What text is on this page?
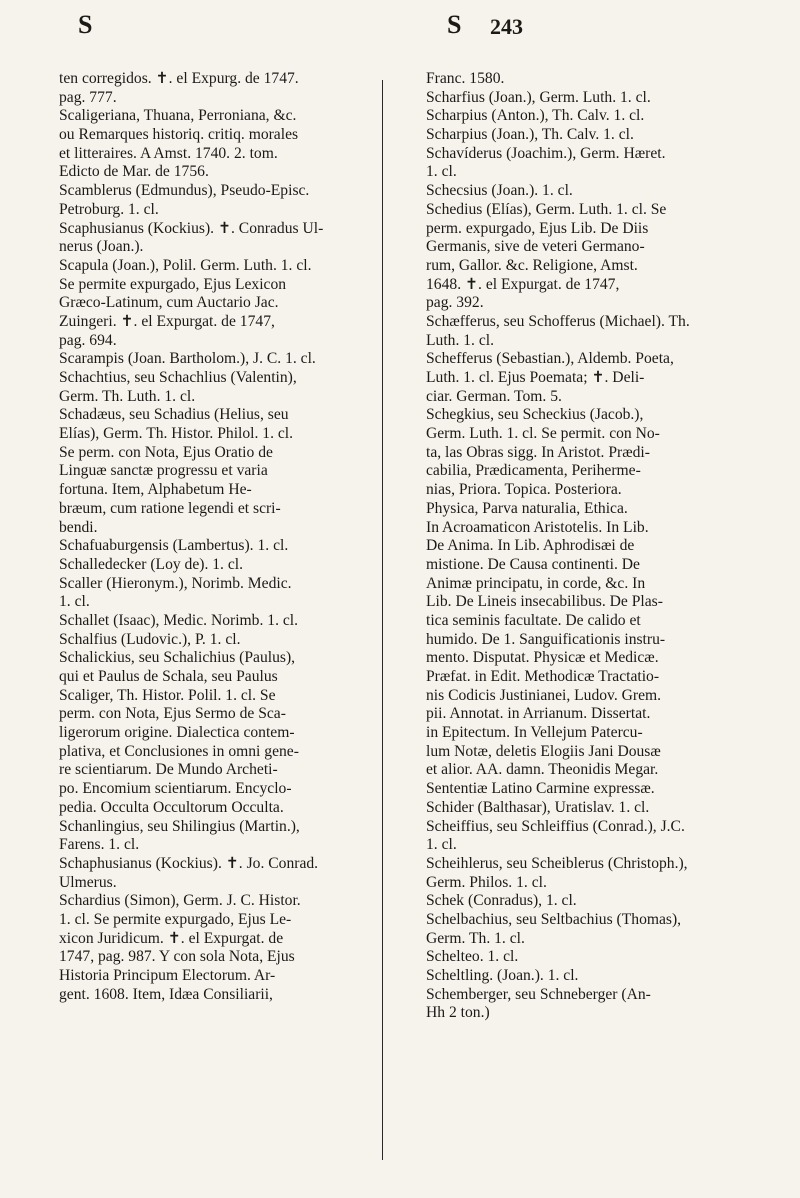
S	S 243
ten corregidos. ✝. el Expurg. de 1747.
pag. 777.
Scaligeriana, Thuana, Perroniana, &c.
ou Remarques historiq. critiq. morales
et litteraires. A Amst. 1740. 2. tom.
Edicto de Mar. de 1756.
Scamblerus (Edmundus), Pseudo-Episc.
Petroburg. 1. cl.
Scaphusianus (Kockius). ✝. Conradus Ul-
nerus (Joan.).
Scapula (Joan.), Polil. Germ. Luth. 1. cl.
Se permite expurgado, Ejus Lexicon
Græco-Latinum, cum Auctario Jac.
Zuingeri. ✝. el Expurgat. de 1747,
pag. 694.
Scarampis (Joan. Bartholom.), J. C. 1. cl.
Schachtius, seu Schachlius (Valentin),
Germ. Th. Luth. 1. cl.
Schadæus, seu Schadius (Helius, seu
Elías), Germ. Th. Histor. Philol. 1. cl.
Se perm. con Nota, Ejus Oratio de
Linguæ sanctæ progressu et varia
fortuna. Item, Alphabetum He-
bræum, cum ratione legendi et scri-
bendi.
Schafuaburgensis (Lambertus). 1. cl.
Schalledecker (Loy de). 1. cl.
Scaller (Hieronym.), Norimb. Medic.
1. cl.
Schallet (Isaac), Medic. Norimb. 1. cl.
Schalfius (Ludovic.), P. 1. cl.
Schalickius, seu Schalichius (Paulus),
qui et Paulus de Schala, seu Paulus
Scaliger, Th. Histor. Polil. 1. cl. Se
perm. con Nota, Ejus Sermo de Sca-
ligerorum origine. Dialectica contem-
plativa, et Conclusiones in omni gene-
re scientiarum. De Mundo Archeti-
po. Encomium scientiarum. Encyclo-
pedia. Occulta Occultorum Occulta.
Schanlingius, seu Shilingius (Martin.),
Farens. 1. cl.
Schaphusianus (Kockius). ✝. Jo. Conrad.
Ulmerus.
Schardius (Simon), Germ. J. C. Histor.
1. cl. Se permite expurgado, Ejus Le-
xicon Juridicum. ✝. el Expurgat. de
1747, pag. 987. Y con sola Nota, Ejus
Historia Principum Electorum. Ar-
gent. 1608. Item, Idæa Consiliarii,
Franc. 1580.
Scharfius (Joan.), Germ. Luth. 1. cl.
Scharpius (Anton.), Th. Calv. 1. cl.
Scharpius (Joan.), Th. Calv. 1. cl.
Schavíderus (Joachim.), Germ. Hæret.
1. cl.
Schecsius (Joan.). 1. cl.
Schedius (Elías), Germ. Luth. 1. cl. Se
perm. expurgado, Ejus Lib. De Diis
Germanis, sive de veteri Germano-
rum, Gallor. &c. Religione, Amst.
1648. ✝. el Expurgat. de 1747,
pag. 392.
Schæfferus, seu Schofferus (Michael). Th.
Luth. 1. cl.
Schefferus (Sebastian.), Aldemb. Poeta,
Luth. 1. cl. Ejus Poemata; ✝. Deli-
ciar. German. Tom. 5.
Schegkius, seu Scheckius (Jacob.),
Germ. Luth. 1. cl. Se permit. con No-
ta, las Obras sigg. In Aristot. Prædi-
cabilia, Prædicamenta, Periherme-
nias, Priora. Topica. Posteriora.
Physica, Parva naturalia, Ethica.
In Acroamaticon Aristotelis. In Lib.
De Anima. In Lib. Aphrodisæi de
mistione. De Causa continenti. De
Animæ principatu, in corde, &c. In
Lib. De Lineis insecabilibus. De Plas-
tica seminis facultate. De calido et
humido. De 1. Sanguificationis instru-
mento. Disputat. Physicæ et Medicæ.
Præfat. in Edit. Methodicæ Tractatio-
nis Codicis Justinianei, Ludov. Grem.
pii. Annotat. in Arrianum. Dissertat.
in Epitectum. In Vellejum Patercu-
lum Notæ, deletis Elogiis Jani Dousæ
et alior. AA. damn. Theonidis Megar.
Sententiæ Latino Carmine expressæ.
Schider (Balthasar), Uratislav. 1. cl.
Scheiffius, seu Schleiffius (Conrad.), J.C.
1. cl.
Scheihlerus, seu Scheiblerus (Christoph.),
Germ. Philos. 1. cl.
Schek (Conradus), 1. cl.
Schelbachius, seu Seltbachius (Thomas),
Germ. Th. 1. cl.
Schelteo. 1. cl.
Scheltling. (Joan.). 1. cl.
Schemberger, seu Schneberger (An-
Hh 2 ton.)
